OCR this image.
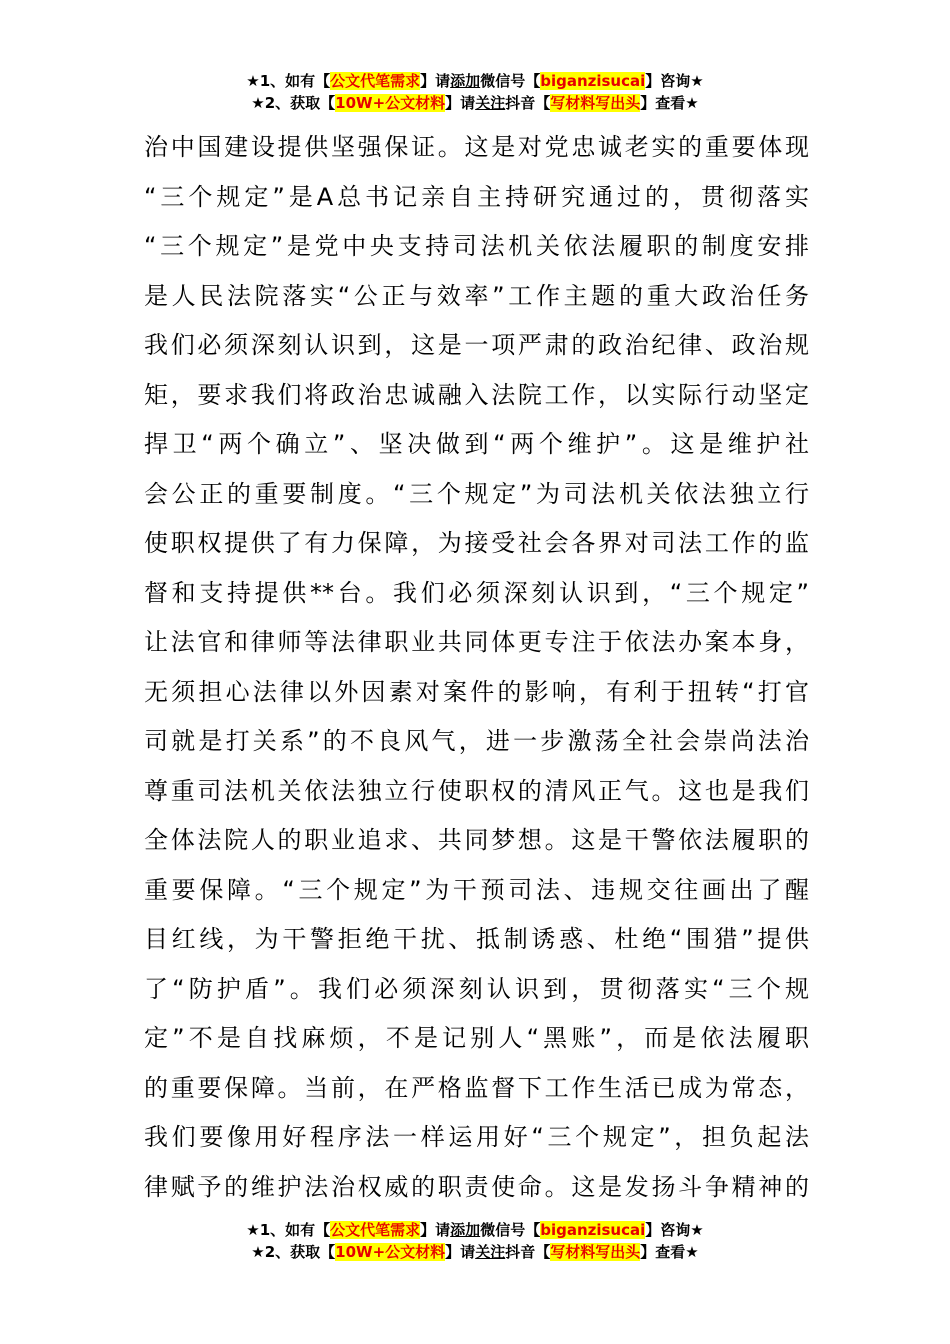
★1、如有【公文代笔需求】请添加微信号【biganzisucai】咨询★
★2、获取【10W+公文材料】请关注抖音【写材料写出头】查看★
治中国建设提供坚强保证。这是对党忠诚老实的重要体现
“三个规定”是A总书记亲自主持研究通过的，贯彻落实
“三个规定”是党中央支持司法机关依法履职的制度安排
是人民法院落实“公正与效率”工作主题的重大政治任务
我们必须深刻认识到，这是一项严肃的政治纪律、政治规
矩，要求我们将政治忠诚融入法院工作，以实际行动坚定
捍卫“两个确立”、坚决做到“两个维护”。这是维护社
会公正的重要制度。“三个规定”为司法机关依法独立行
使职权提供了有力保障，为接受社会各界对司法工作的监
督和支持提供**台。我们必须深刻认识到，“三个规定”
让法官和律师等法律职业共同体更专注于依法办案本身，
无须担心法律以外因素对案件的影响，有利于扭转“打官
司就是打关系”的不良风气，进一步激荡全社会崇尚法治
尊重司法机关依法独立行使职权的清风正气。这也是我们
全体法院人的职业追求、共同梦想。这是干警依法履职的
重要保障。“三个规定”为干预司法、违规交往画出了醒
目红线，为干警拒绝干扰、抵制诱惑、杜绝“围猎”提供
了“防护盾”。我们必须深刻认识到，贯彻落实“三个规
定”不是自找麻烦，不是记别人“黑账”，而是依法履职
的重要保障。当前，在严格监督下工作生活已成为常态，
我们要像用好程序法一样运用好“三个规定”，担负起法
律赋予的维护法治权威的职责使命。这是发扬斗争精神的
★1、如有【公文代笔需求】请添加微信号【biganzisucai】咨询★
★2、获取【10W+公文材料】请关注抖音【写材料写出头】查看★
